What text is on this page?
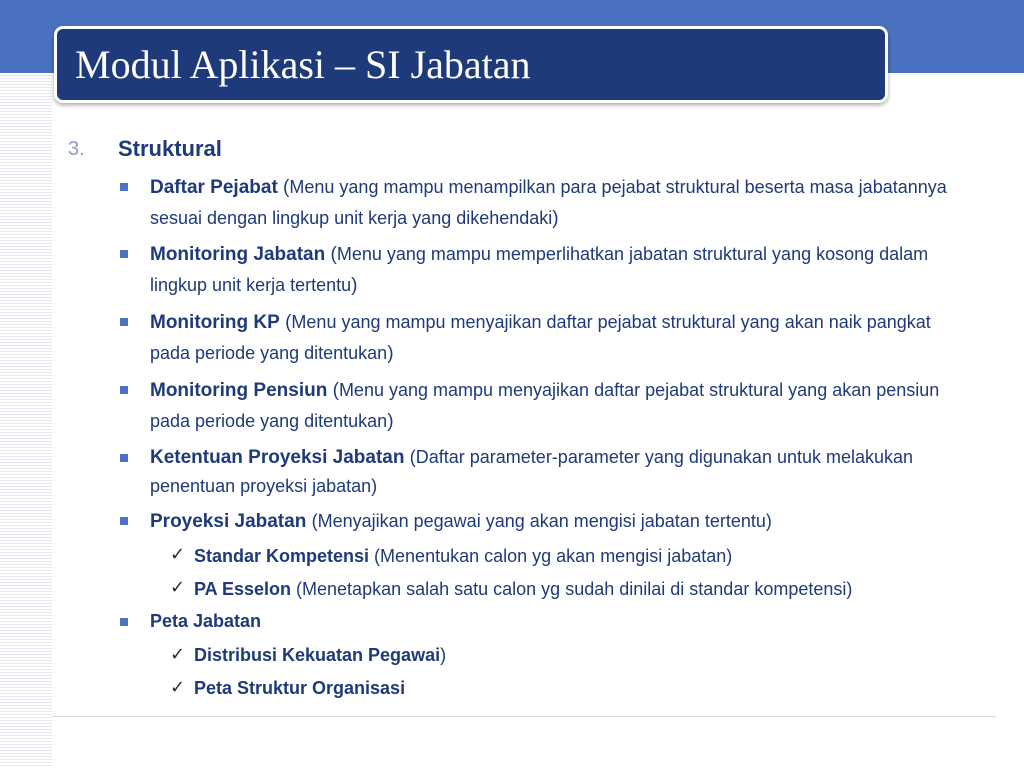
Modul Aplikasi – SI Jabatan
3. Struktural
Daftar Pejabat (Menu yang mampu menampilkan para pejabat struktural beserta masa jabatannya sesuai dengan lingkup unit kerja yang dikehendaki)
Monitoring Jabatan (Menu yang mampu memperlihatkan jabatan struktural yang kosong dalam lingkup unit kerja tertentu)
Monitoring KP (Menu yang mampu menyajikan daftar pejabat struktural yang akan naik pangkat pada periode yang ditentukan)
Monitoring Pensiun (Menu yang mampu menyajikan daftar pejabat struktural yang akan pensiun pada periode yang ditentukan)
Ketentuan Proyeksi Jabatan (Daftar parameter-parameter yang digunakan untuk melakukan penentuan proyeksi jabatan)
Proyeksi Jabatan (Menyajikan pegawai yang akan mengisi jabatan tertentu)
✓ Standar Kompetensi (Menentukan calon yg akan mengisi jabatan)
✓ PA Esselon (Menetapkan salah satu calon yg sudah dinilai di standar kompetensi)
Peta Jabatan
✓ Distribusi Kekuatan Pegawai)
✓ Peta Struktur Organisasi
